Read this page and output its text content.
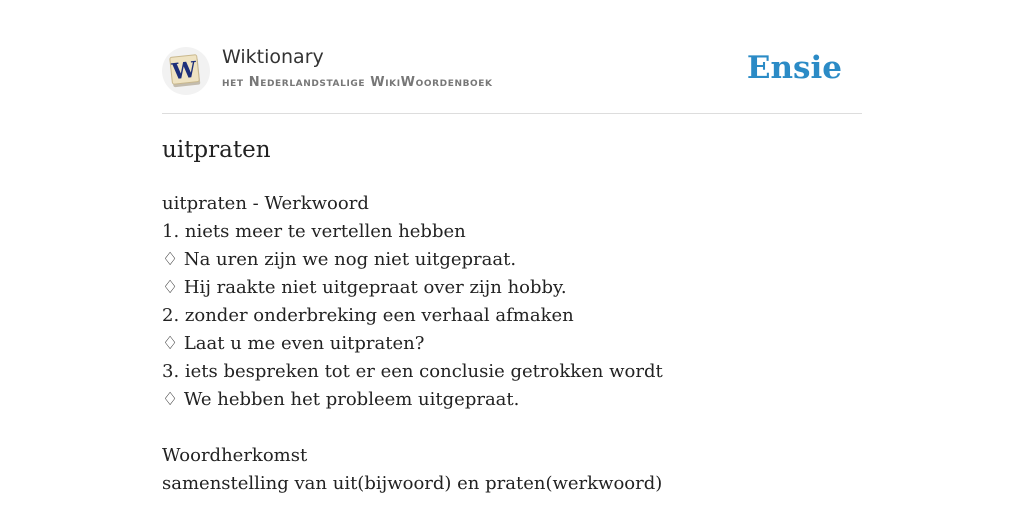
W Wiktionary
het Nederlandstalige WikiWoordenboek	Ensie
uitpraten
uitpraten - Werkwoord
1. niets meer te vertellen hebben
♢ Na uren zijn we nog niet uitgepraat.
♢ Hij raakte niet uitgepraat over zijn hobby.
2. zonder onderbreking een verhaal afmaken
♢ Laat u me even uitpraten?
3. iets bespreken tot er een conclusie getrokken wordt
♢ We hebben het probleem uitgepraat.
Woordherkomst
samenstelling van uit(bijwoord) en praten(werkwoord)
